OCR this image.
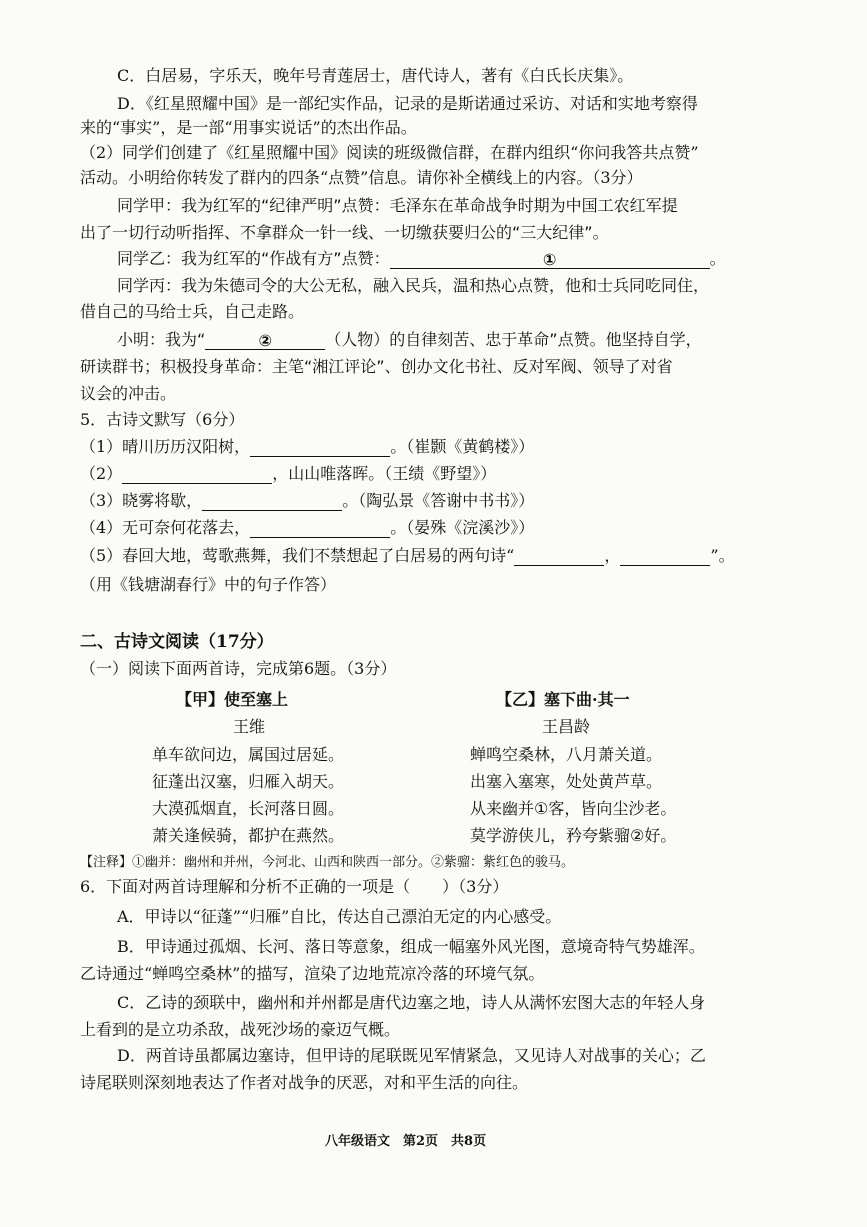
C．白居易，字乐天，晚年号青莲居士，唐代诗人，著有《白氏长庆集》。
D．《红星照耀中国》是一部纪实作品，记录的是斯诺通过采访、对话和实地考察得
来的“事实”，是一部“用事实说话”的杰出作品。
（2）同学们创建了《红星照耀中国》阅读的班级微信群，在群内组织“你问我答共点赞”
活动。小明给你转发了群内的四条“点赞”信息。请你补全横线上的内容。（3分）
同学甲：我为红军的“纪律严明”点赞：毛泽东在革命战争时期为中国工农红军提
出了一切行动听指挥、不拿群众一针一线、一切缴获要归公的“三大纪律”。
同学乙：我为红军的“作战有方”点赞：	①	。
同学丙：我为朱德司令的大公无私，融入民兵，温和热心点赞，他和士兵同吃同住，
借自己的马给士兵，自己走路。
小明：我为“	②	（人物）的自律刻苦、忠于革命”点赞。他坚持自学，
研读群书；积极投身革命：主笔“湘江评论”、创办文化书社、反对军阀、领导了对省
议会的冲击。
5．古诗文默写（6分）
（1）晴川历历汉阳树，	。（崔颢《黄鹤楼》）
（2）	，山山唯落晖。（王绩《野望》）
（3）晓雾将歇，	。（陶弘景《答谢中书书》）
（4）无可奈何花落去，	。（晏殊《浣溪沙》）
（5）春回大地，莺歌燕舞，我们不禁想起了白居易的两句诗“	，	”。
（用《钱塘湖春行》中的句子作答）
二、古诗文阅读（17分）
（一）阅读下面两首诗，完成第6题。（3分）
【甲】使至塞上
王维
单车欲问边，属国过居延。
征蓬出汉塞，归雁入胡天。
大漠孤烟直，长河落日圆。
萧关逢候骑，都护在燕然。
【乙】塞下曲·其一
王昌龄
蝉鸣空桑林，八月萧关道。
出塞入塞寒，处处黄芦草。
从来幽并①客，皆向尘沙老。
莫学游侠儿，矜夸紫骝②好。
【注释】①幽并：幽州和并州，今河北、山西和陕西一部分。②紫骝：紫红色的骏马。
6．下面对两首诗理解和分析不正确的一项是（　　）（3分）
A．甲诗以“征蓬”“归雁”自比，传达自己漂泊无定的内心感受。
B．甲诗通过孤烟、长河、落日等意象，组成一幅塞外风光图，意境奇特气势雄浑。
乙诗通过“蝉鸣空桑林”的描写，渲染了边地荒凉冷落的环境气氛。
C．乙诗的颈联中，幽州和并州都是唐代边塞之地，诗人从满怀宏图大志的年轻人身
上看到的是立功杀敌，战死沙场的豪迈气概。
D．两首诗虽都属边塞诗，但甲诗的尾联既见军情紧急，又见诗人对战事的关心；乙
诗尾联则深刻地表达了作者对战争的厌恶，对和平生活的向往。
八年级语文　第2页　共8页
